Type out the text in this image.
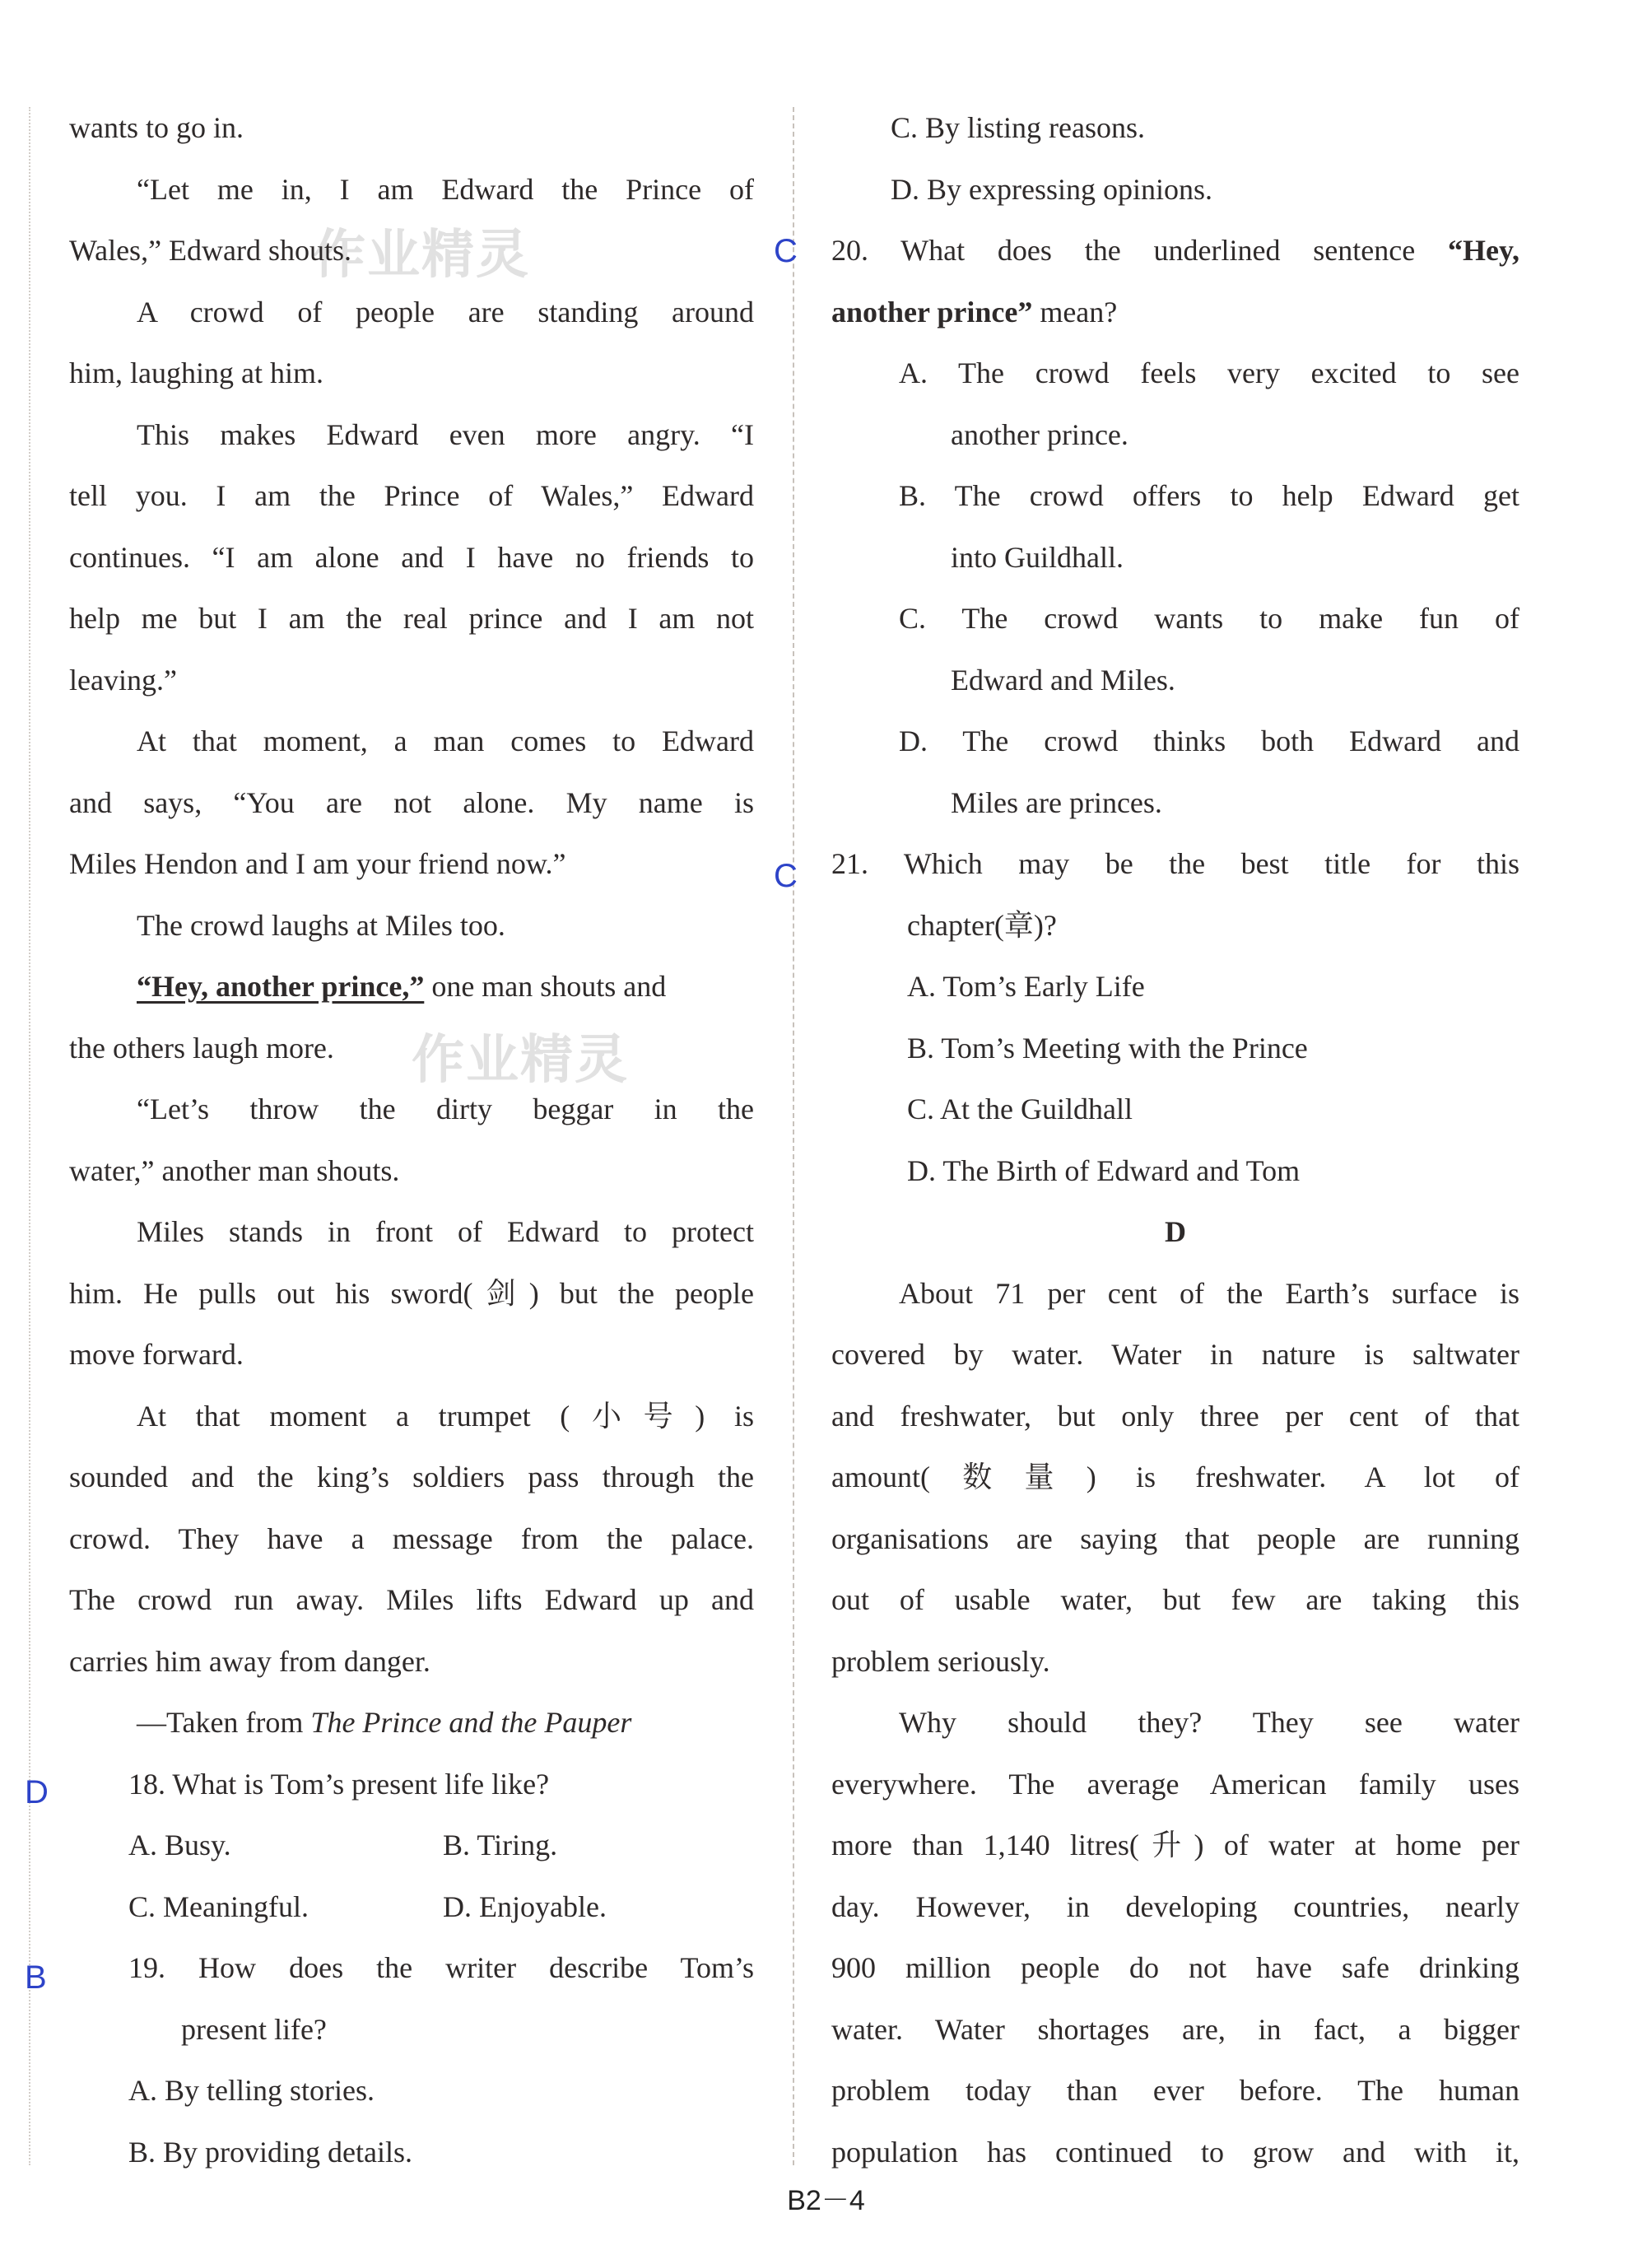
作业精灵
作业精灵
wants to go in.
“Let me in, I am Edward the Prince of
Wales,” Edward shouts.
A crowd of people are standing around
him, laughing at him.
This makes Edward even more angry. “I
tell you. I am the Prince of Wales,” Edward
continues. “I am alone and I have no friends to
help me but I am the real prince and I am not
leaving.”
At that moment, a man comes to Edward
and says, “You are not alone. My name is
Miles Hendon and I am your friend now.”
The crowd laughs at Miles too.
“Hey, another prince,” one man shouts and
the others laugh more.
“Let’s throw the dirty beggar in the
water,” another man shouts.
Miles stands in front of Edward to protect
him. He pulls out his sword(剑) but the people
move forward.
At that moment a trumpet (小号) is
sounded and the king’s soldiers pass through the
crowd. They have a message from the palace.
The crowd run away. Miles lifts Edward up and
carries him away from danger.
—Taken from The Prince and the Pauper
18. What is Tom’s present life like?
A. Busy.	B. Tiring.
C. Meaningful.	D. Enjoyable.
19. How does the writer describe Tom’s
present life?
A. By telling stories.
B. By providing details.
C. By listing reasons.
D. By expressing opinions.
20. What does the underlined sentence “Hey,
another prince” mean?
A. The crowd feels very excited to see
another prince.
B. The crowd offers to help Edward get
into Guildhall.
C. The crowd wants to make fun of
Edward and Miles.
D. The crowd thinks both Edward and
Miles are princes.
21. Which may be the best title for this
chapter(章)?
A. Tom’s Early Life
B. Tom’s Meeting with the Prince
C. At the Guildhall
D. The Birth of Edward and Tom
D
About 71 per cent of the Earth’s surface is
covered by water. Water in nature is saltwater
and freshwater, but only three per cent of that
amount(数量) is freshwater. A lot of
organisations are saying that people are running
out of usable water, but few are taking this
problem seriously.
Why should they? They see water
everywhere. The average American family uses
more than 1,140 litres(升) of water at home per
day. However, in developing countries, nearly
900 million people do not have safe drinking
water. Water shortages are, in fact, a bigger
problem today than ever before. The human
population has continued to grow and with it,
D
B
C
C
B2－4
